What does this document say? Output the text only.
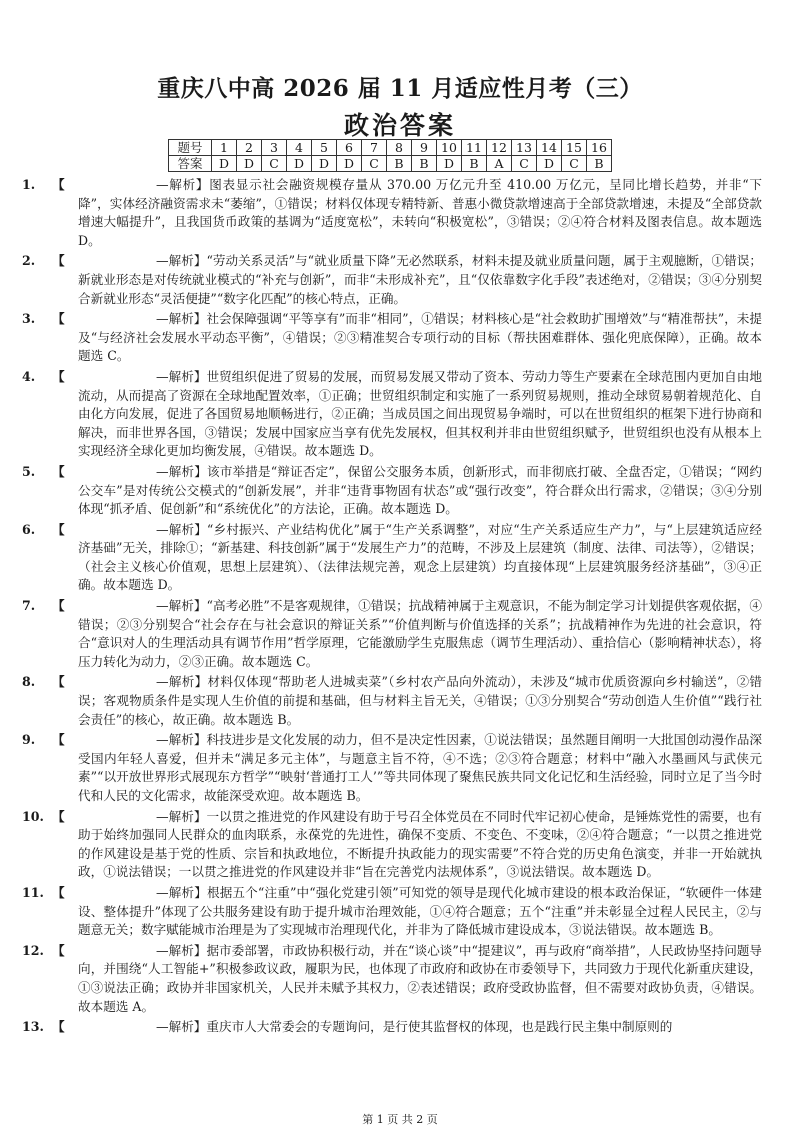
重庆八中高 2026 届 11 月适应性月考（三）
政治答案
题号	1	2	3	4	5	6	7	8	9	10	11	12	13	14	15	16
答案	D	D	C	D	D	D	C	B	B	D	B	A	C	D	C	B
1.	【	—解析】图表显示社会融资规模存量从 370.00 万亿元升至 410.00 万亿元，呈同比增长趋势，并非“下降”，实体经济融资需求未“萎缩”，①错误；材料仅体现专精特新、普惠小微贷款增速高于全部贷款增速，未提及“全部贷款增速大幅提升”，且我国货币政策的基调为“适度宽松”，未转向“积极宽松”，③错误；②④符合材料及图表信息。故本题选 D。
2.	【	—解析】“劳动关系灵活”与“就业质量下降”无必然联系，材料未提及就业质量问题，属于主观臆断，①错误；新就业形态是对传统就业模式的“补充与创新”，而非“未形成补充”，且“仅依靠数字化手段”表述绝对，②错误；③④分别契合新就业形态“灵活便捷”“数字化匹配”的核心特点，正确。
3.	【	—解析】社会保障强调“平等享有”而非“相同”，①错误；材料核心是“社会救助扩围增效”与“精准帮扶”，未提及“与经济社会发展水平动态平衡”，④错误；②③精准契合专项行动的目标（帮扶困难群体、强化兜底保障），正确。故本题选 C。
4.	【	—解析】世贸组织促进了贸易的发展，而贸易发展又带动了资本、劳动力等生产要素在全球范围内更加自由地流动，从而提高了资源在全球地配置效率，①正确；世贸组织制定和实施了一系列贸易规则，推动全球贸易朝着规范化、自由化方向发展，促进了各国贸易地顺畅进行，②正确；当成员国之间出现贸易争端时，可以在世贸组织的框架下进行协商和解决，而非世界各国，③错误；发展中国家应当享有优先发展权，但其权利并非由世贸组织赋予，世贸组织也没有从根本上实现经济全球化更加均衡发展，④错误。故本题选 D。
5.	【	—解析】该市举措是“辩证否定”，保留公交服务本质，创新形式，而非彻底打破、全盘否定，①错误；“网约公交车”是对传统公交模式的“创新发展”，并非“违背事物固有状态”或“强行改变”，符合群众出行需求，②错误；③④分别体现“抓矛盾、促创新”和“系统优化”的方法论，正确。故本题选 D。
6.	【	—解析】“乡村振兴、产业结构优化”属于“生产关系调整”，对应“生产关系适应生产力”，与“上层建筑适应经济基础”无关，排除①；“新基建、科技创新”属于“发展生产力”的范畴，不涉及上层建筑（制度、法律、司法等），②错误；（社会主义核心价值观，思想上层建筑）、（法律法规完善，观念上层建筑）均直接体现“上层建筑服务经济基础”，③④正确。故本题选 D。
7.	【	—解析】“高考必胜”不是客观规律，①错误；抗战精神属于主观意识，不能为制定学习计划提供客观依据，④错误；②③分别契合“社会存在与社会意识的辩证关系”“价值判断与价值选择的关系”；抗战精神作为先进的社会意识，符合“意识对人的生理活动具有调节作用”哲学原理，它能激励学生克服焦虑（调节生理活动）、重拾信心（影响精神状态），将压力转化为动力，②③正确。故本题选 C。
8.	【	—解析】材料仅体现“帮助老人进城卖菜”（乡村农产品向外流动），未涉及“城市优质资源向乡村输送”，②错误；客观物质条件是实现人生价值的前提和基础，但与材料主旨无关，④错误；①③分别契合“劳动创造人生价值”“践行社会责任”的核心，故正确。故本题选 B。
9.	【	—解析】科技进步是文化发展的动力，但不是决定性因素，①说法错误；虽然题目阐明一大批国创动漫作品深受国内年轻人喜爱，但并未“满足多元主体”，与题意主旨不符，④不选；②③符合题意；材料中“融入水墨画风与武侠元素”“以开放世界形式展现东方哲学”“映射‘普通打工人’”等共同体现了聚焦民族共同文化记忆和生活经验，同时立足了当今时代和人民的文化需求，故能深受欢迎。故本题选 B。
10. 【	—解析】一以贯之推进党的作风建设有助于号召全体党员在不同时代牢记初心使命，是锤炼党性的需要，也有助于始终加强同人民群众的血肉联系，永葆党的先进性，确保不变质、不变色、不变味，②④符合题意；“一以贯之推进党的作风建设是基于党的性质、宗旨和执政地位，不断提升执政能力的现实需要”不符合党的历史角色演变，并非一开始就执政，①说法错误；一以贯之推进党的作风建设并非“旨在完善党内法规体系”，③说法错误。故本题选 D。
11. 【	—解析】根据五个“注重”中“强化党建引领”可知党的领导是现代化城市建设的根本政治保证，“软硬件一体建设、整体提升”体现了公共服务建设有助于提升城市治理效能，①④符合题意；五个“注重”并未彰显全过程人民民主，②与题意无关；数字赋能城市治理是为了实现城市治理现代化，并非为了降低城市建设成本，③说法错误。故本题选 B。
12. 【	—解析】据市委部署，市政协积极行动，并在“谈心谈”中“提建议”，再与政府“商举措”，人民政协坚持问题导向，并围绕“人工智能+”积极参政议政，履职为民，也体现了市政府和政协在市委领导下，共同致力于现代化新重庆建设，①③说法正确；政协并非国家机关，人民并未赋予其权力，②表述错误；政府受政协监督，但不需要对政协负责，④错误。故本题选 A。
13. 【	—解析】重庆市人大常委会的专题询问，是行使其监督权的体现，也是践行民主集中制原则的
第 1 页 共 2 页
